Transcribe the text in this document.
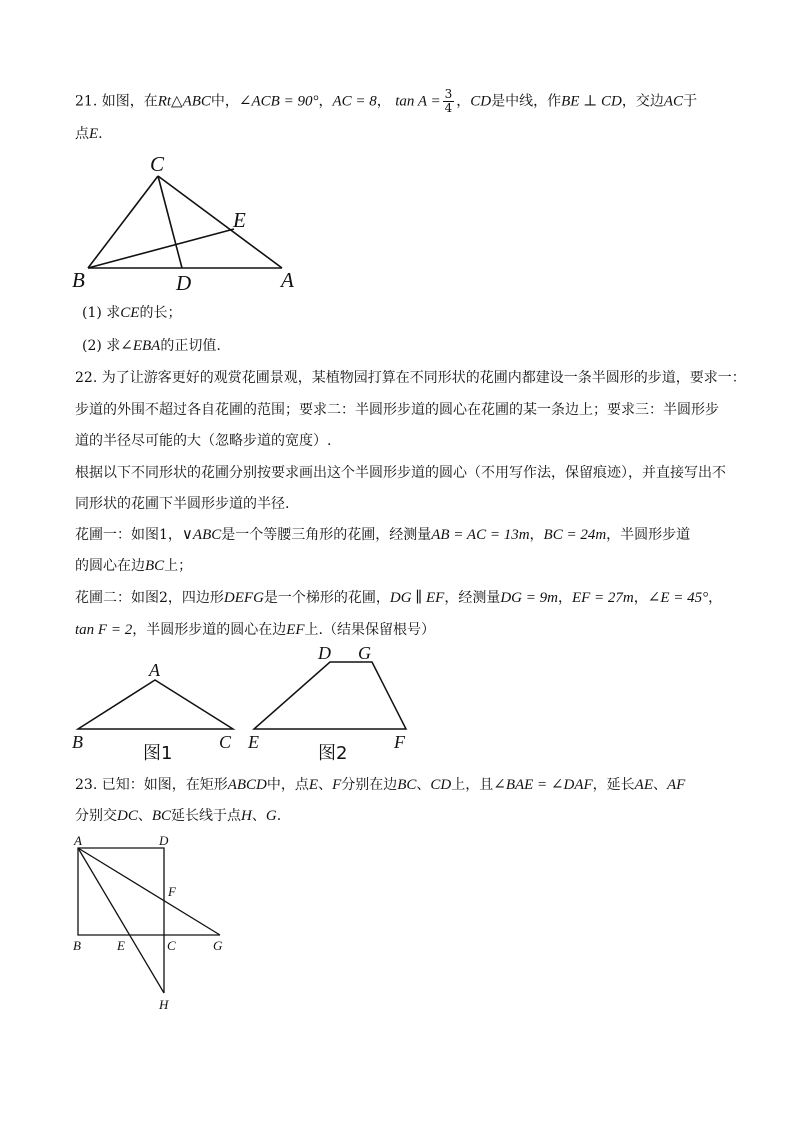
21. 如图，在Rt△ABC中，∠ACB = 90°，AC = 8， $\tan A = \frac{3}{4}$ ，CD是中线，作BE ⊥ CD，交边AC于
点E.
C
E
B	D	A
(1) 求CE的长；
(2) 求∠EBA的正切值.
22. 为了让游客更好的观赏花圃景观，某植物园打算在不同形状的花圃内都建设一条半圆形的步道，要求一：
步道的外围不超过各自花圃的范围；要求二：半圆形步道的圆心在花圃的某一条边上；要求三：半圆形步
道的半径尽可能的大（忽略步道的宽度）.
根据以下不同形状的花圃分别按要求画出这个半圆形步道的圆心（不用写作法，保留痕迹），并直接写出不
同形状的花圃下半圆形步道的半径.
花圃一：如图1，∨ABC是一个等腰三角形的花圃，经测量AB = AC = 13m，BC = 24m，半圆形步道
的圆心在边BC上；
花圃二：如图2，四边形DEFG是一个梯形的花圃，DG ∥ EF，经测量DG = 9m，EF = 27m，∠E = 45°，
tan F = 2，半圆形步道的圆心在边EF上.（结果保留根号）
A
B	C
图1
D G
E	F
图2
23. 已知：如图，在矩形ABCD中，点E、F分别在边BC、CD上，且∠BAE = ∠DAF，延长AE、AF
分别交DC、BC延长线于点H、G.
A	D
F
B	E	C	G
H
